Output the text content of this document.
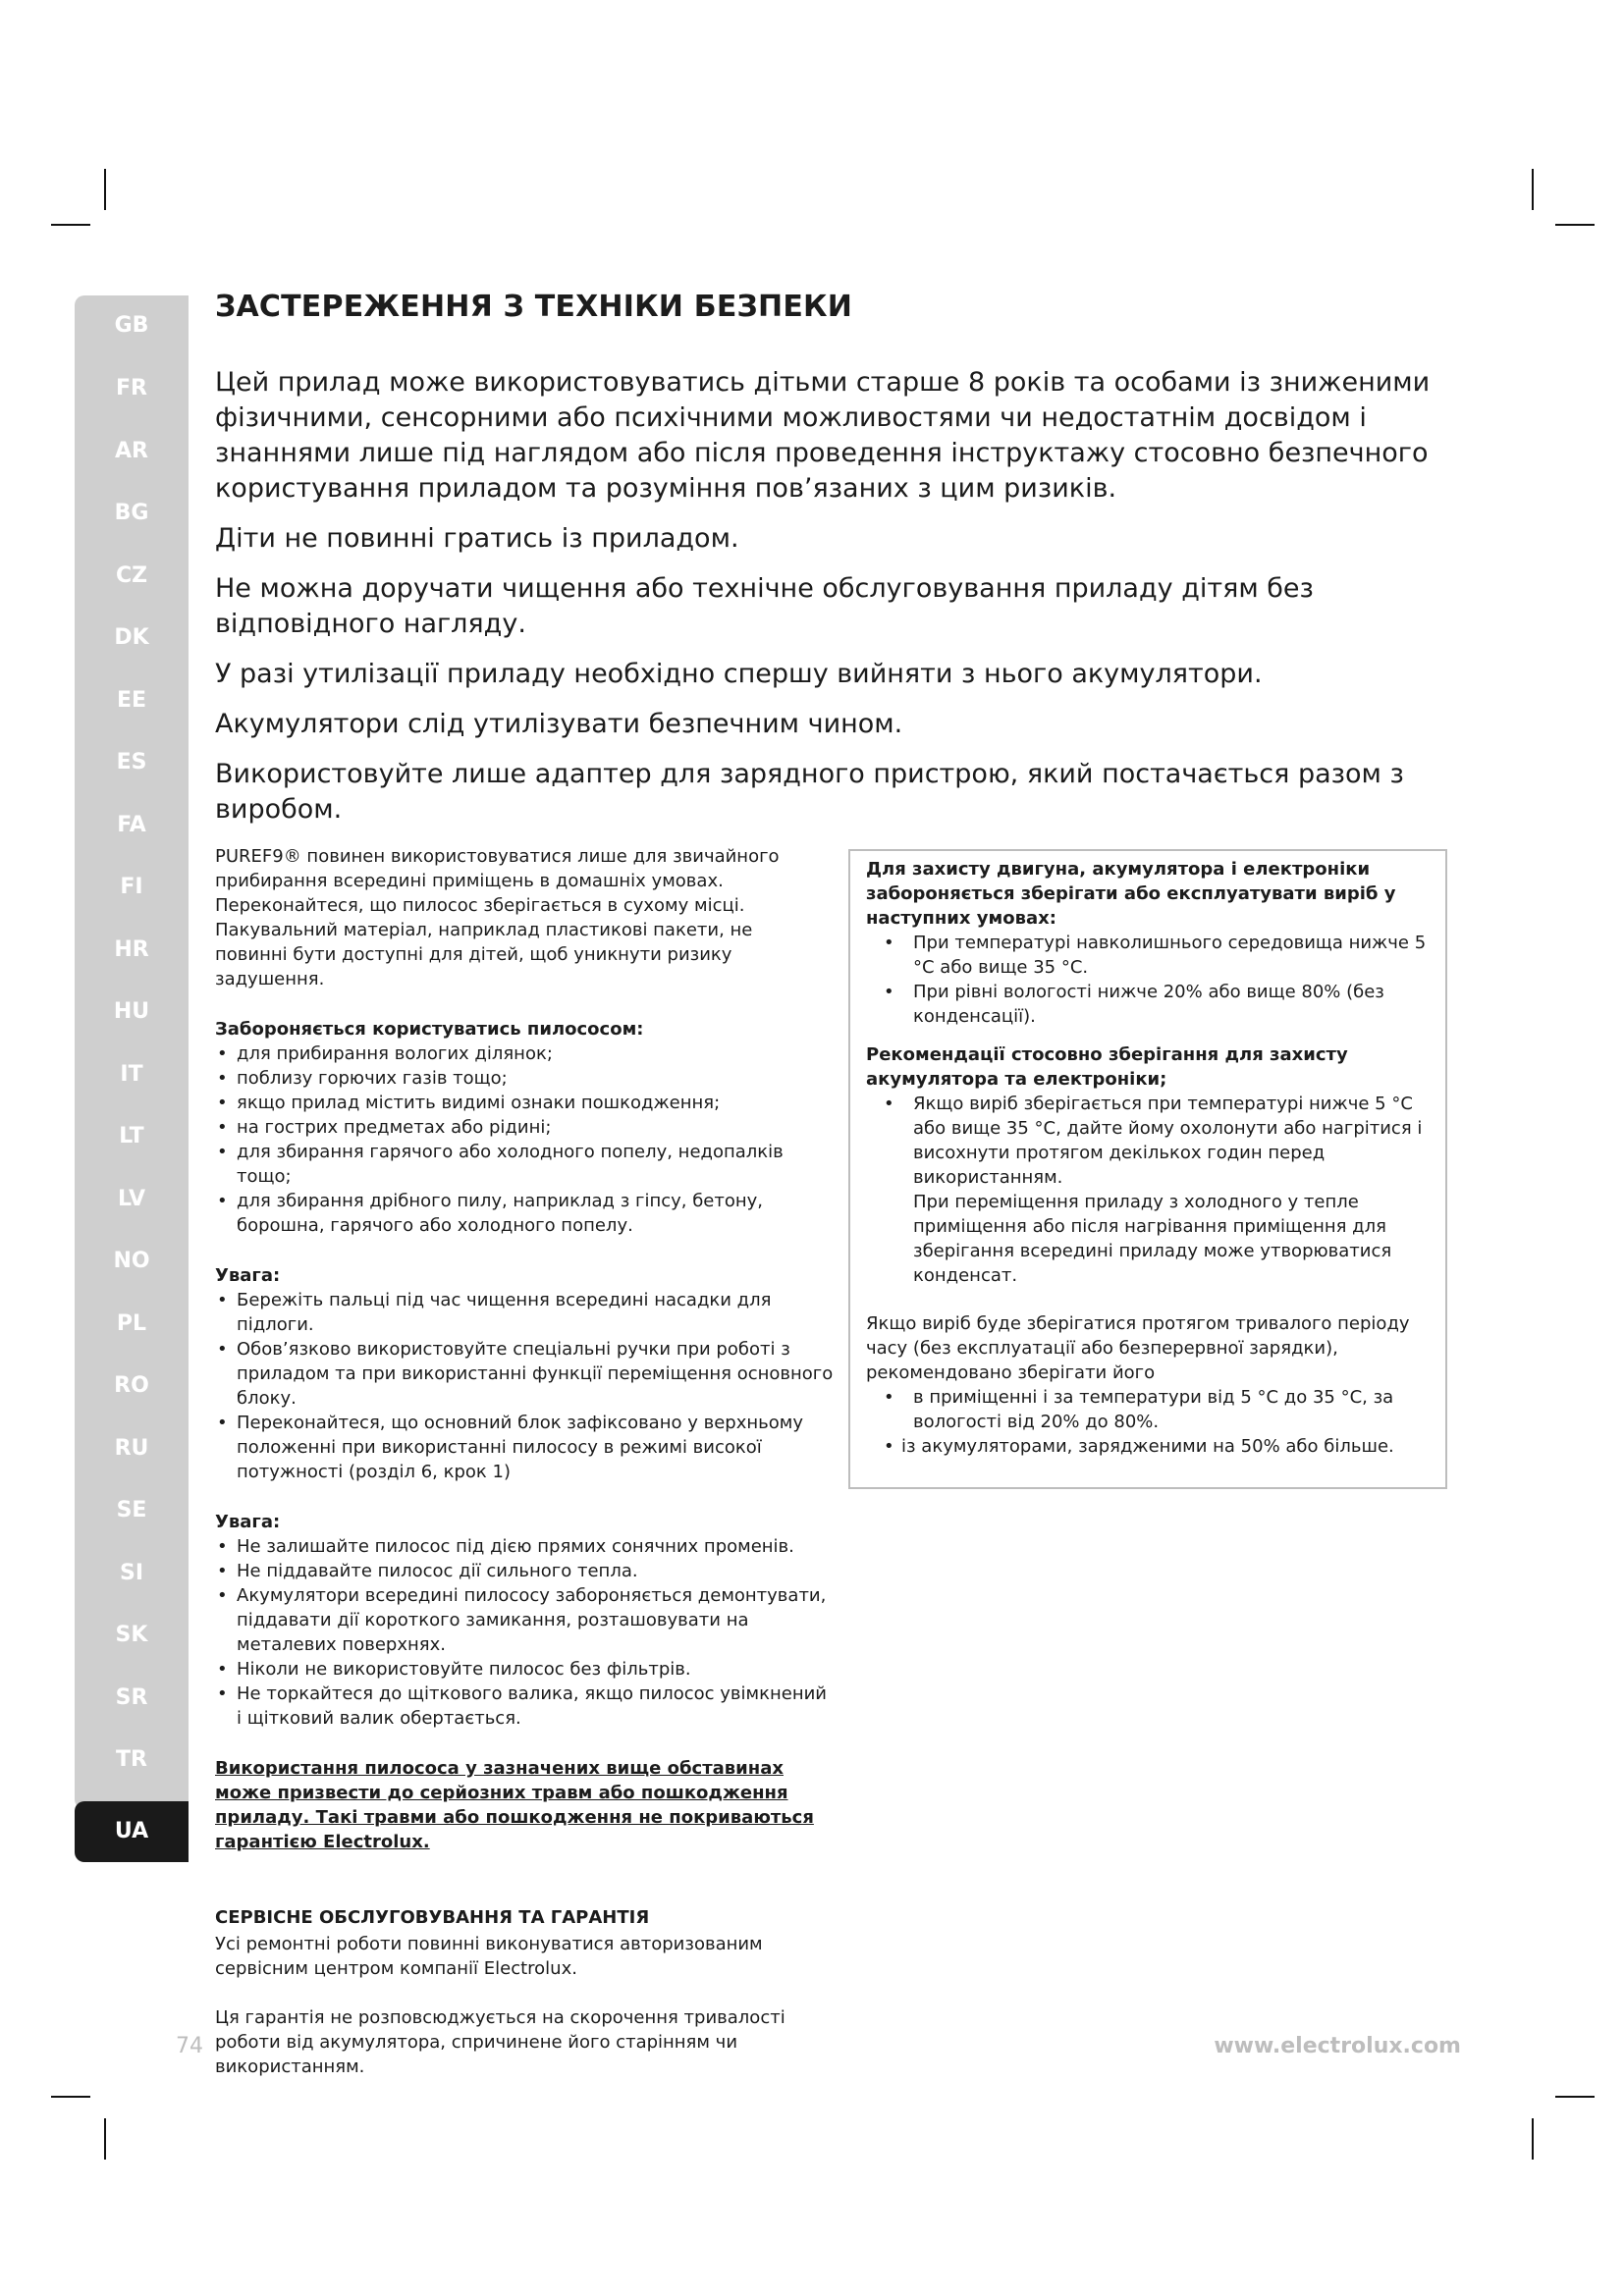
GB
FR
AR
BG
CZ
DK
EE
ES
FA
FI
HR
HU
IT
LT
LV
NO
PL
RO
RU
SE
SI
SK
SR
TR
UA
ЗАСТЕРЕЖЕННЯ З ТЕХНІКИ БЕЗПЕКИ

Цей прилад може використовуватись дітьми старше 8 років та особами із зниженими фізичними, сенсорними або психічними можливостями чи недостатнім досвідом і знаннями лише під наглядом або після проведення інструктажу стосовно безпечного користування приладом та розуміння пов’язаних з цим ризиків.

Діти не повинні гратись із приладом.

Не можна доручати чищення або технічне обслуговування приладу дітям без відповідного нагляду.

У разі утилізації приладу необхідно спершу вийняти з нього акумулятори.

Акумулятори слід утилізувати безпечним чином.

Використовуйте лише адаптер для зарядного пристрою, який постачається разом з виробом.

PUREF9® повинен використовуватися лише для звичайного прибирання всередині приміщень в домашніх умовах. Переконайтеся, що пилосос зберігається в сухому місці. Пакувальний матеріал, наприклад пластикові пакети, не повинні бути доступні для дітей, щоб уникнути ризику задушення.

Забороняється користуватись пилососом:

• для прибирання вологих ділянок;
• поблизу горючих газів тощо;
• якщо прилад містить видимі ознаки пошкодження;
• на гострих предметах або рідині;
• для збирання гарячого або холодного попелу, недопалків тощо;
• для збирання дрібного пилу, наприклад з гіпсу, бетону, борошна, гарячого або холодного попелу.

Увага:

• Бережіть пальці під час чищення всередині насадки для підлоги.
• Обов’язково використовуйте спеціальні ручки при роботі з приладом та при використанні функції переміщення основного блоку.
• Переконайтеся, що основний блок зафіксовано у верхньому положенні при використанні пилососу в режимі високої потужності (розділ 6, крок 1)

Увага:

• Не залишайте пилосос під дією прямих сонячних променів.
• Не піддавайте пилосос дії сильного тепла.
• Акумулятори всередині пилососу забороняється демонтувати, піддавати дії короткого замикання, розташовувати на металевих поверхнях.
• Ніколи не використовуйте пилосос без фільтрів.
• Не торкайтеся до щіткового валика, якщо пилосос увімкнений і щітковий валик обертається.

Використання пилососа у зазначених вище обставинах може призвести до серйозних травм або пошкодження приладу. Такі травми або пошкодження не покриваються гарантією Electrolux.

СЕРВІСНЕ ОБСЛУГОВУВАННЯ ТА ГАРАНТІЯ

Усі ремонтні роботи повинні виконуватися авторизованим сервісним центром компанії Electrolux.

Ця гарантія не розповсюджується на скорочення тривалості роботи від акумулятора, спричинене його старінням чи використанням.

Для захисту двигуна, акумулятора і електроніки забороняється зберігати або експлуатувати виріб у наступних умовах:

• При температурі навколишнього середовища нижче 5 °C або вище 35 °C.
• При рівні вологості нижче 20% або вище 80% (без конденсації).

Рекомендації стосовно зберігання для захисту акумулятора та електроніки;

• Якщо виріб зберігається при температурі нижче 5 °C або вище 35 °C, дайте йому охолонути або нагрітися і висохнути протягом декількох годин перед використанням.

При переміщення приладу з холодного у тепле приміщення або після нагрівання приміщення для зберігання всередині приладу може утворюватися конденсат.

Якщо виріб буде зберігатися протягом тривалого періоду часу (без експлуатації або безперервної зарядки), рекомендовано зберігати його

• в приміщенні і за температури від 5 °C до 35 °C, за вологості від 20% до 80%.
• із акумуляторами, зарядженими на 50% або більше.
74	www.electrolux.com
